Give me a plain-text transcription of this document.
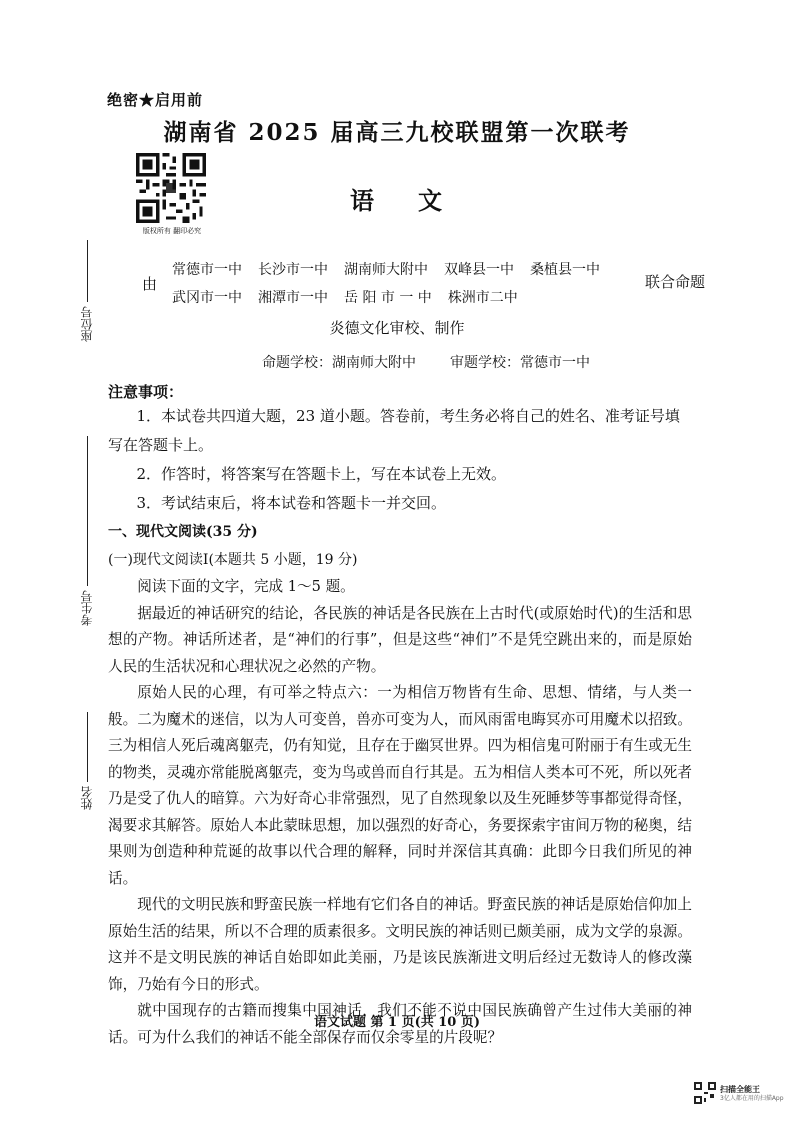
绝密★启用前
湖南省 2025 届高三九校联盟第一次联考
版权所有 翻印必究
语 文
由
常德市一中 长沙市一中 湖南师大附中 双峰县一中 桑植县一中
武冈市一中 湘潭市一中 岳 阳 市 一 中 株洲市二中
联合命题
炎德文化审校、制作
命题学校：湖南师大附中 审题学校：常德市一中
注意事项：

1．本试卷共四道大题，23 道小题。答卷前，考生务必将自己的姓名、准考证号填写在答题卡上。

2．作答时，将答案写在答题卡上，写在本试卷上无效。

3．考试结束后，将本试卷和答题卡一并交回。

一、现代文阅读(35 分)
(一)现代文阅读Ⅰ(本题共 5 小题，19 分)

阅读下面的文字，完成 1～5 题。

据最近的神话研究的结论，各民族的神话是各民族在上古时代(或原始时代)的生活和思想的产物。神话所述者，是“神们的行事”，但是这些“神们”不是凭空跳出来的，而是原始人民的生活状况和心理状况之必然的产物。

原始人民的心理，有可举之特点六：一为相信万物皆有生命、思想、情绪，与人类一般。二为魔术的迷信，以为人可变兽，兽亦可变为人，而风雨雷电晦冥亦可用魔术以招致。三为相信人死后魂离躯壳，仍有知觉，且存在于幽冥世界。四为相信鬼可附丽于有生或无生的物类，灵魂亦常能脱离躯壳，变为鸟或兽而自行其是。五为相信人类本可不死，所以死者乃是受了仇人的暗算。六为好奇心非常强烈，见了自然现象以及生死睡梦等事都觉得奇怪，渴要求其解答。原始人本此蒙昧思想，加以强烈的好奇心，务要探索宇宙间万物的秘奥，结果则为创造种种荒诞的故事以代合理的解释，同时并深信其真确：此即今日我们所见的神话。

现代的文明民族和野蛮民族一样地有它们各自的神话。野蛮民族的神话是原始信仰加上原始生活的结果，所以不合理的质素很多。文明民族的神话则已颇美丽，成为文学的泉源。这并不是文明民族的神话自始即如此美丽，乃是该民族渐进文明后经过无数诗人的修改藻饰，乃始有今日的形式。

就中国现存的古籍而搜集中国神话，我们不能不说中国民族确曾产生过伟大美丽的神话。可为什么我们的神话不能全部保存而仅余零星的片段呢？

语文试题 第 1 页(共 10 页)
座位号
考生号
姓名
扫描全能王
3亿人都在用的扫描App
